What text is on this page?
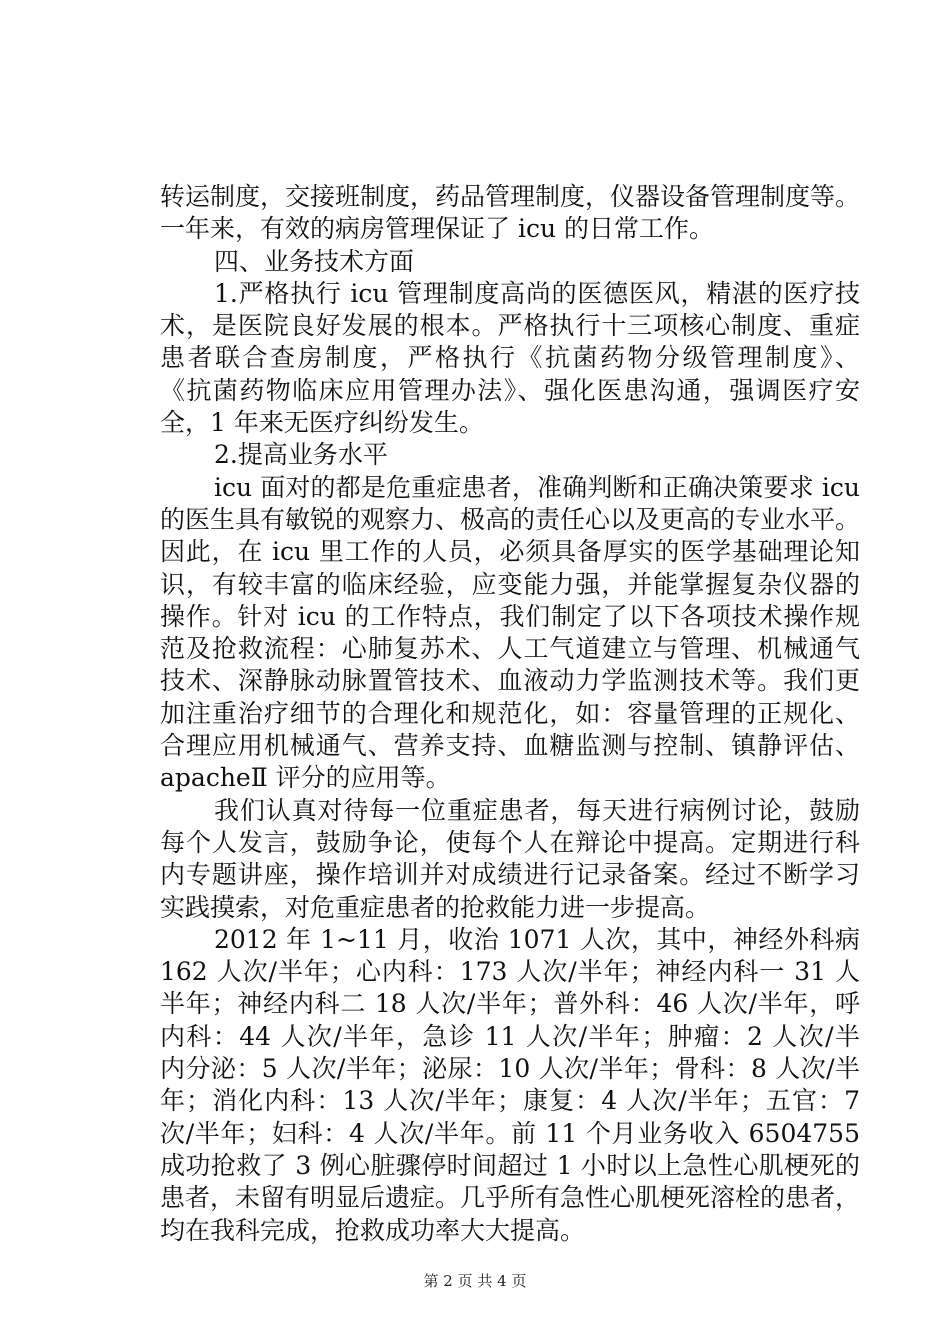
转运制度，交接班制度，药品管理制度，仪器设备管理制度等。
一年来，有效的病房管理保证了 icu 的日常工作。
四、业务技术方面
1.严格执行 icu 管理制度高尚的医德医风，精湛的医疗技
术，是医院良好发展的根本。严格执行十三项核心制度、重症
患者联合查房制度，严格执行《抗菌药物分级管理制度》、
《抗菌药物临床应用管理办法》、强化医患沟通，强调医疗安
全，1 年来无医疗纠纷发生。
2.提高业务水平
icu 面对的都是危重症患者，准确判断和正确决策要求 icu
的医生具有敏锐的观察力、极高的责任心以及更高的专业水平。
因此，在 icu 里工作的人员，必须具备厚实的医学基础理论知
识，有较丰富的临床经验，应变能力强，并能掌握复杂仪器的
操作。针对 icu 的工作特点，我们制定了以下各项技术操作规
范及抢救流程：心肺复苏术、人工气道建立与管理、机械通气
技术、深静脉动脉置管技术、血液动力学监测技术等。我们更
加注重治疗细节的合理化和规范化，如：容量管理的正规化、
合理应用机械通气、营养支持、血糖监测与控制、镇静评估、
apacheⅡ 评分的应用等。
我们认真对待每一位重症患者，每天进行病例讨论，鼓励
每个人发言，鼓励争论，使每个人在辩论中提高。定期进行科
内专题讲座，操作培训并对成绩进行记录备案。经过不断学习
实践摸索，对危重症患者的抢救能力进一步提高。
2012 年 1~11 月，收治 1071 人次，其中，神经外科病
162 人次/半年；心内科：173 人次/半年；神经内科一 31 人
半年；神经内科二 18 人次/半年；普外科：46 人次/半年，呼
内科：44 人次/半年，急诊 11 人次/半年；肿瘤：2 人次/半
内分泌：5 人次/半年；泌尿：10 人次/半年；骨科：8 人次/半
年；消化内科：13 人次/半年；康复：4 人次/半年；五官：7
次/半年；妇科：4 人次/半年。前 11 个月业务收入 6504755
成功抢救了 3 例心脏骤停时间超过 1 小时以上急性心肌梗死的
患者，未留有明显后遗症。几乎所有急性心肌梗死溶栓的患者，
均在我科完成，抢救成功率大大提高。
第 2 页 共 4 页
